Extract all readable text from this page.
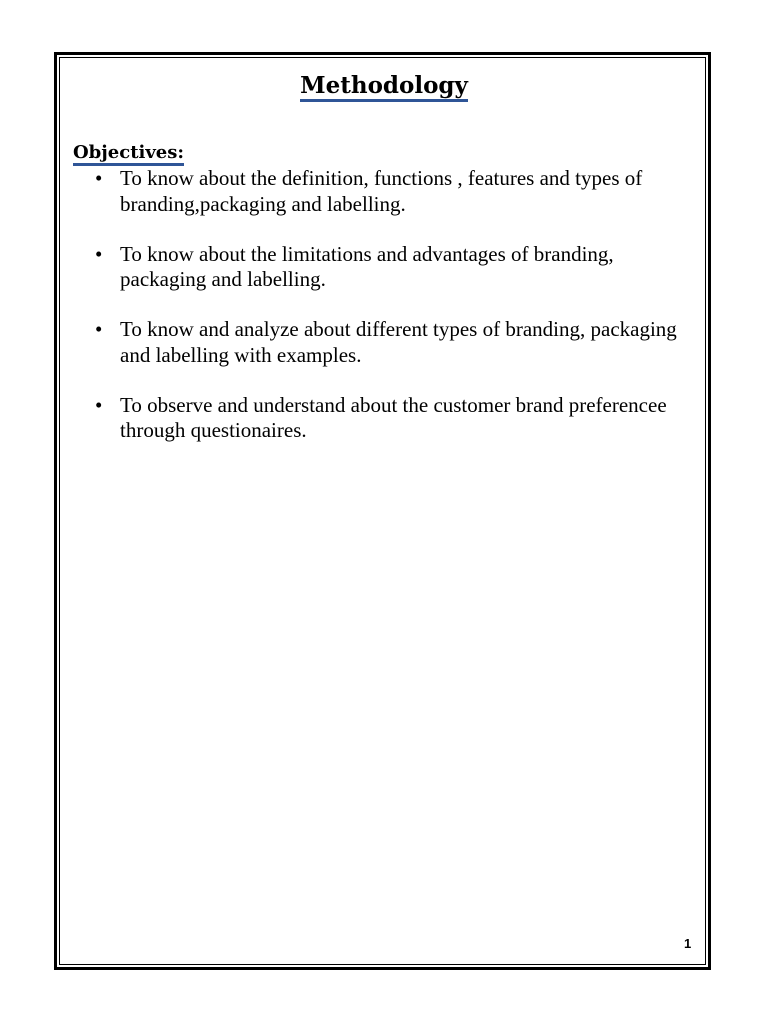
Methodology
Objectives:
• To know about the definition, functions , features and types of branding,packaging and labelling.
• To know about the limitations and advantages of branding, packaging and labelling.
• To know and analyze about different types of branding, packaging and labelling with examples.
• To observe and understand about the customer brand preferencee through questionaires.
1
